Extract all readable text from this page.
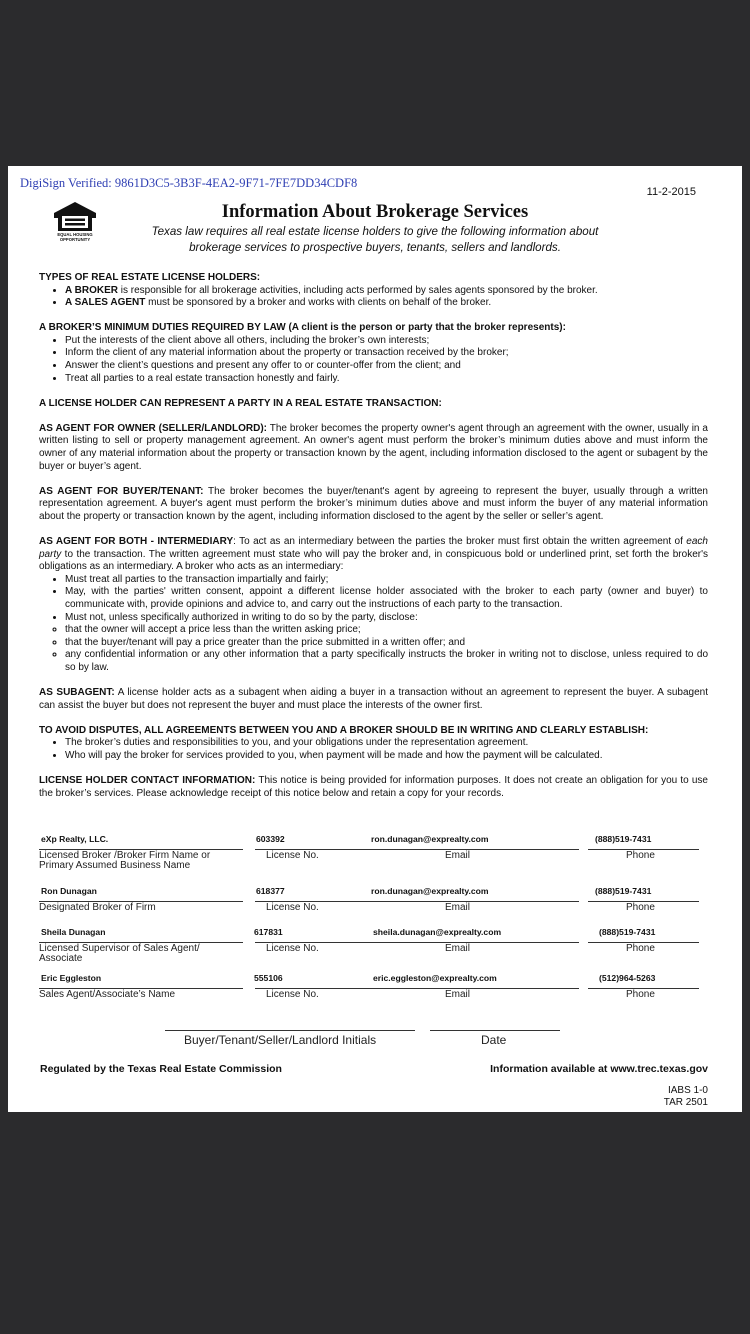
DigiSign Verified: 9861D3C5-3B3F-4EA2-9F71-7FE7DD34CDF8
11-2-2015
EQUAL HOUSING
OPPORTUNITY
Information About Brokerage Services
Texas law requires all real estate license holders to give the following information about
brokerage services to prospective buyers, tenants, sellers and landlords.
TYPES OF REAL ESTATE LICENSE HOLDERS:
• A BROKER is responsible for all brokerage activities, including acts performed by sales agents sponsored by the broker.
• A SALES AGENT must be sponsored by a broker and works with clients on behalf of the broker.
A BROKER’S MINIMUM DUTIES REQUIRED BY LAW (A client is the person or party that the broker represents):
• Put the interests of the client above all others, including the broker’s own interests;
• Inform the client of any material information about the property or transaction received by the broker;
• Answer the client’s questions and present any offer to or counter-offer from the client; and
• Treat all parties to a real estate transaction honestly and fairly.
A LICENSE HOLDER CAN REPRESENT A PARTY IN A REAL ESTATE TRANSACTION:
AS AGENT FOR OWNER (SELLER/LANDLORD): The broker becomes the property owner's agent through an agreement with the owner, usually in a written listing to sell or property management agreement. An owner's agent must perform the broker’s minimum duties above and must inform the owner of any material information about the property or transaction known by the agent, including information disclosed to the agent or subagent by the buyer or buyer’s agent.
AS AGENT FOR BUYER/TENANT: The broker becomes the buyer/tenant's agent by agreeing to represent the buyer, usually through a written representation agreement. A buyer's agent must perform the broker’s minimum duties above and must inform the buyer of any material information about the property or transaction known by the agent, including information disclosed to the agent by the seller or seller’s agent.
AS AGENT FOR BOTH - INTERMEDIARY: To act as an intermediary between the parties the broker must first obtain the written agreement of each party to the transaction. The written agreement must state who will pay the broker and, in conspicuous bold or underlined print, set forth the broker's obligations as an intermediary. A broker who acts as an intermediary:
• Must treat all parties to the transaction impartially and fairly;
• May, with the parties' written consent, appoint a different license holder associated with the broker to each party (owner and buyer) to communicate with, provide opinions and advice to, and carry out the instructions of each party to the transaction.
• Must not, unless specifically authorized in writing to do so by the party, disclose:
◦ that the owner will accept a price less than the written asking price;
◦ that the buyer/tenant will pay a price greater than the price submitted in a written offer; and
◦ any confidential information or any other information that a party specifically instructs the broker in writing not to disclose, unless required to do so by law.
AS SUBAGENT: A license holder acts as a subagent when aiding a buyer in a transaction without an agreement to represent the buyer. A subagent can assist the buyer but does not represent the buyer and must place the interests of the owner first.
TO AVOID DISPUTES, ALL AGREEMENTS BETWEEN YOU AND A BROKER SHOULD BE IN WRITING AND CLEARLY ESTABLISH:
• The broker’s duties and responsibilities to you, and your obligations under the representation agreement.
• Who will pay the broker for services provided to you, when payment will be made and how the payment will be calculated.
LICENSE HOLDER CONTACT INFORMATION: This notice is being provided for information purposes. It does not create an obligation for you to use the broker’s services. Please acknowledge receipt of this notice below and retain a copy for your records.
eXp Realty, LLC.	603392	ron.dunagan@exprealty.com	(888)519-7431
Licensed Broker /Broker Firm Name or
Primary Assumed Business Name
License No.	Email	Phone
Ron Dunagan	618377	ron.dunagan@exprealty.com	(888)519-7431
Designated Broker of Firm	License No.	Email	Phone
Sheila Dunagan	617831	sheila.dunagan@exprealty.com	(888)519-7431
Licensed Supervisor of Sales Agent/
Associate
License No.	Email	Phone
Eric Eggleston	555106	eric.eggleston@exprealty.com	(512)964-5263
Sales Agent/Associate’s Name	License No.	Email	Phone
Buyer/Tenant/Seller/Landlord Initials	Date
Regulated by the Texas Real Estate Commission	Information available at www.trec.texas.gov
IABS 1-0
TAR 2501
